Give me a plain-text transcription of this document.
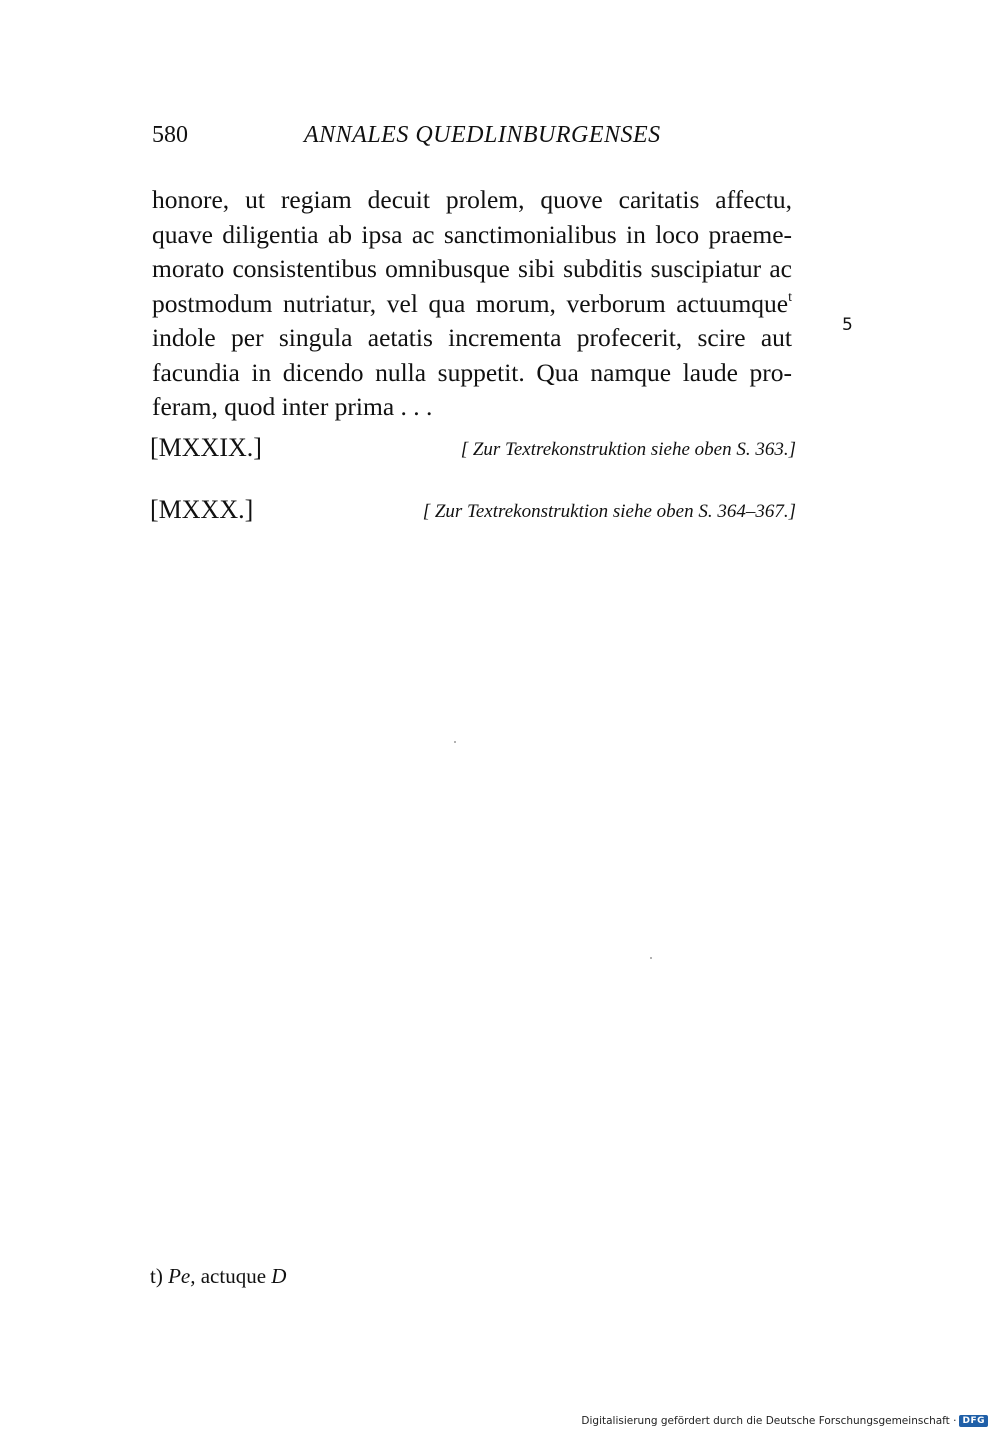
580	ANNALES QUEDLINBURGENSES
honore, ut regiam decuit prolem, quove caritatis affectu,
quave diligentia ab ipsa ac sanctimonialibus in loco praeme-
morato consistentibus omnibusque sibi subditis suscipiatur ac
postmodum nutriatur, vel qua morum, verborum actuumque$^t$
indole per singula aetatis incrementa profecerit, scire aut
facundia in dicendo nulla suppetit. Qua namque laude pro-
feram, quod inter prima . . .
5
[MXXIX.]	[ Zur Textrekonstruktion siehe oben S. 363.]
[MXXX.]	[ Zur Textrekonstruktion siehe oben S. 364–367.]
t) Pe, actuque D
Digitalisierung gefördert durch die Deutsche Forschungsgemeinschaft · DFG
